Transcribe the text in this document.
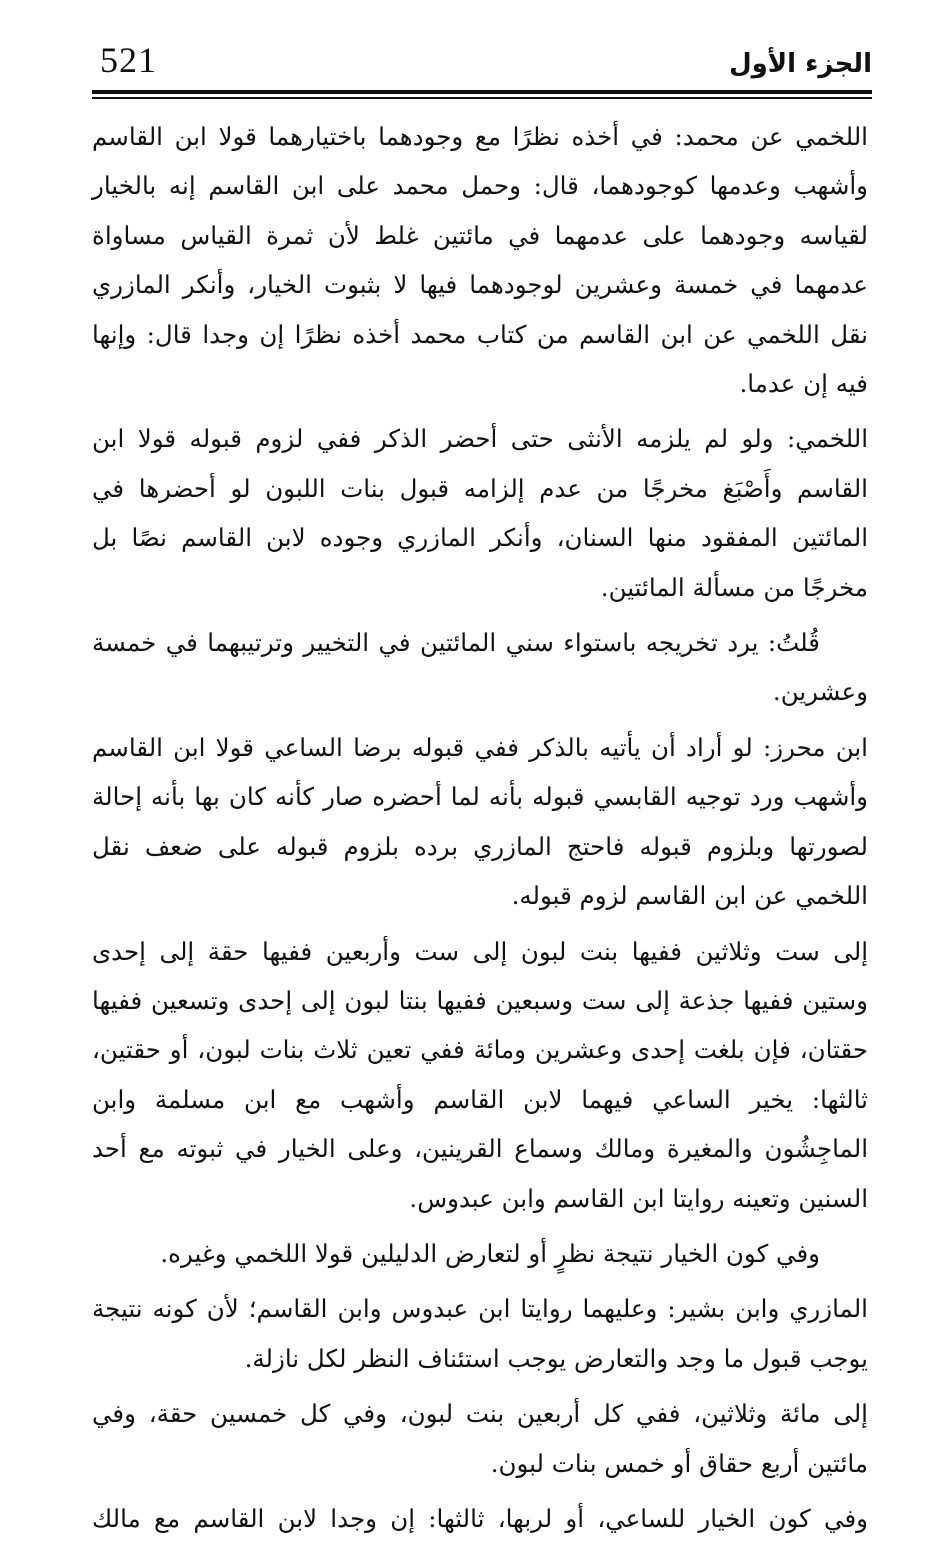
521	الجزء الأول

اللخمي عن محمد: في أخذه نظرًا مع وجودهما باختيارهما قولا ابن القاسم وأشهب وعدمها كوجودهما، قال: وحمل محمد على ابن القاسم إنه بالخيار لقياسه وجودهما على عدمهما في مائتين غلط لأن ثمرة القياس مساواة عدمهما في خمسة وعشرين لوجودهما فيها لا بثبوت الخيار، وأنكر المازري نقل اللخمي عن ابن القاسم من كتاب محمد أخذه نظرًا إن وجدا قال: وإنها فيه إن عدما.

اللخمي: ولو لم يلزمه الأنثى حتى أحضر الذكر ففي لزوم قبوله قولا ابن القاسم وأَصْبَغ مخرجًا من عدم إلزامه قبول بنات اللبون لو أحضرها في المائتين المفقود منها السنان، وأنكر المازري وجوده لابن القاسم نصًا بل مخرجًا من مسألة المائتين.

قُلتُ: يرد تخريجه باستواء سني المائتين في التخيير وترتيبهما في خمسة وعشرين.

ابن محرز: لو أراد أن يأتيه بالذكر ففي قبوله برضا الساعي قولا ابن القاسم وأشهب ورد توجيه القابسي قبوله بأنه لما أحضره صار كأنه كان بها بأنه إحالة لصورتها وبلزوم قبوله فاحتج المازري برده بلزوم قبوله على ضعف نقل اللخمي عن ابن القاسم لزوم قبوله.

إلى ست وثلاثين ففيها بنت لبون إلى ست وأربعين ففيها حقة إلى إحدى وستين ففيها جذعة إلى ست وسبعين ففيها بنتا لبون إلى إحدى وتسعين ففيها حقتان، فإن بلغت إحدى وعشرين ومائة ففي تعين ثلاث بنات لبون، أو حقتين، ثالثها: يخير الساعي فيهما لابن القاسم وأشهب مع ابن مسلمة وابن الماجِشُون والمغيرة ومالك وسماع القرينين، وعلى الخيار في ثبوته مع أحد السنين وتعينه روايتا ابن القاسم وابن عبدوس.

وفي كون الخيار نتيجة نظرٍ أو لتعارض الدليلين قولا اللخمي وغيره.

المازري وابن بشير: وعليهما روايتا ابن عبدوس وابن القاسم؛ لأن كونه نتيجة يوجب قبول ما وجد والتعارض يوجب استئناف النظر لكل نازلة.

إلى مائة وثلاثين، ففي كل أربعين بنت لبون، وفي كل خمسين حقة، وفي مائتين أربع حقاق أو خمس بنات لبون.

وفي كون الخيار للساعي، أو لربها، ثالثها: إن وجدا لابن القاسم مع مالك
